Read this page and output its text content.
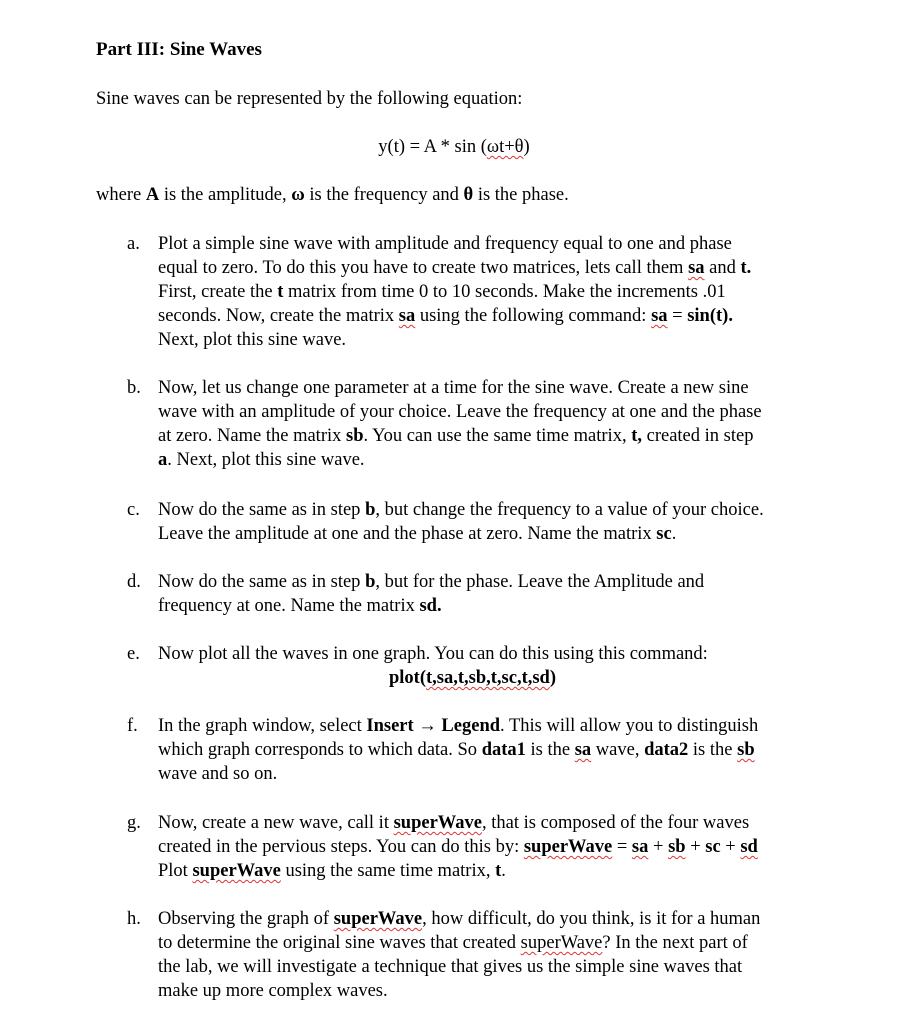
Part III: Sine Waves
Sine waves can be represented by the following equation:
y(t) = A * sin (ωt+θ)
where A is the amplitude, ω is the frequency and θ is the phase.
a. Plot a simple sine wave with amplitude and frequency equal to one and phase
equal to zero. To do this you have to create two matrices, lets call them sa and t.
First, create the t matrix from time 0 to 10 seconds. Make the increments .01
seconds. Now, create the matrix sa using the following command: sa = sin(t).
Next, plot this sine wave.
b. Now, let us change one parameter at a time for the sine wave. Create a new sine
wave with an amplitude of your choice. Leave the frequency at one and the phase
at zero. Name the matrix sb. You can use the same time matrix, t, created in step
a. Next, plot this sine wave.
c. Now do the same as in step b, but change the frequency to a value of your choice.
Leave the amplitude at one and the phase at zero. Name the matrix sc.
d. Now do the same as in step b, but for the phase. Leave the Amplitude and
frequency at one. Name the matrix sd.
e. Now plot all the waves in one graph. You can do this using this command:
plot(t,sa,t,sb,t,sc,t,sd)
f.	In the graph window, select Insert → Legend. This will allow you to distinguish
which graph corresponds to which data. So data1 is the sa wave, data2 is the sb
wave and so on.
g. Now, create a new wave, call it superWave, that is composed of the four waves
created in the pervious steps. You can do this by: superWave = sa + sb + sc + sd
Plot superWave using the same time matrix, t.
h. Observing the graph of superWave, how difficult, do you think, is it for a human
to determine the original sine waves that created superWave? In the next part of
the lab, we will investigate a technique that gives us the simple sine waves that
make up more complex waves.
